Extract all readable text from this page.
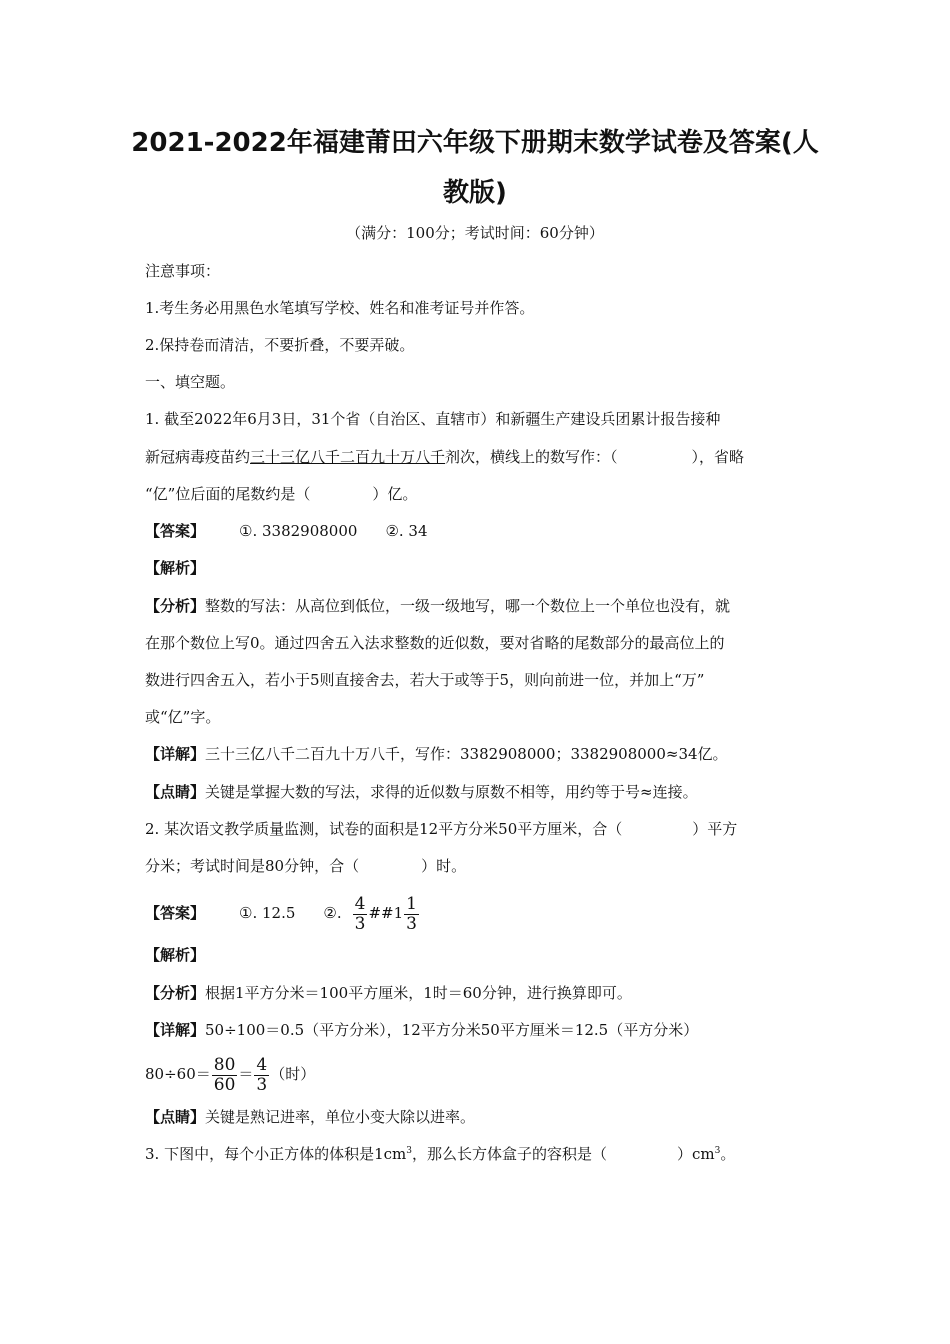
2021-2022年福建莆田六年级下册期末数学试卷及答案(人

教版)

（满分：100分；考试时间：60分钟）

注意事项：

1.考生务必用黑色水笔填写学校、姓名和准考证号并作答。

2.保持卷而清洁，不要折叠，不要弄破。

一、填空题。

1. 截至2022年6月3日，31个省（自治区、直辖市）和新疆生产建设兵团累计报告接种

新冠病毒疫苗约三十三亿八千二百九十万八千剂次，横线上的数写作：（	），省略

“亿”位后面的尾数约是（	）亿。

【答案】 ①. 3382908000 ②. 34

【解析】

【分析】整数的写法：从高位到低位，一级一级地写，哪一个数位上一个单位也没有，就

在那个数位上写0。通过四舍五入法求整数的近似数，要对省略的尾数部分的最高位上的

数进行四舍五入，若小于5则直接舍去，若大于或等于5，则向前进一位，并加上“万”

或“亿”字。

【详解】三十三亿八千二百九十万八千，写作：3382908000；3382908000≈34亿。

【点睛】关键是掌握大数的写法，求得的近似数与原数不相等，用约等于号≈连接。

2. 某次语文教学质量监测，试卷的面积是12平方分米50平方厘米，合（	）平方

分米；考试时间是80分钟，合（	）时。

【答案】 ①. 12.5 ②. $\frac{4}{3}$ ##1 $\frac{1}{3}$

【解析】

【分析】根据1平方分米＝100平方厘米，1时＝60分钟，进行换算即可。

【详解】50÷100＝0.5（平方分米），12平方分米50平方厘米＝12.5（平方分米）

$80\div 60= \frac{80}{60} = \frac{4}{3}$ （时）

【点睛】关键是熟记进率，单位小变大除以进率。

3. 下图中，每个小正方体的体积是$1cm^3$，那么长方体盒子的容积是（	）$cm^3$。
